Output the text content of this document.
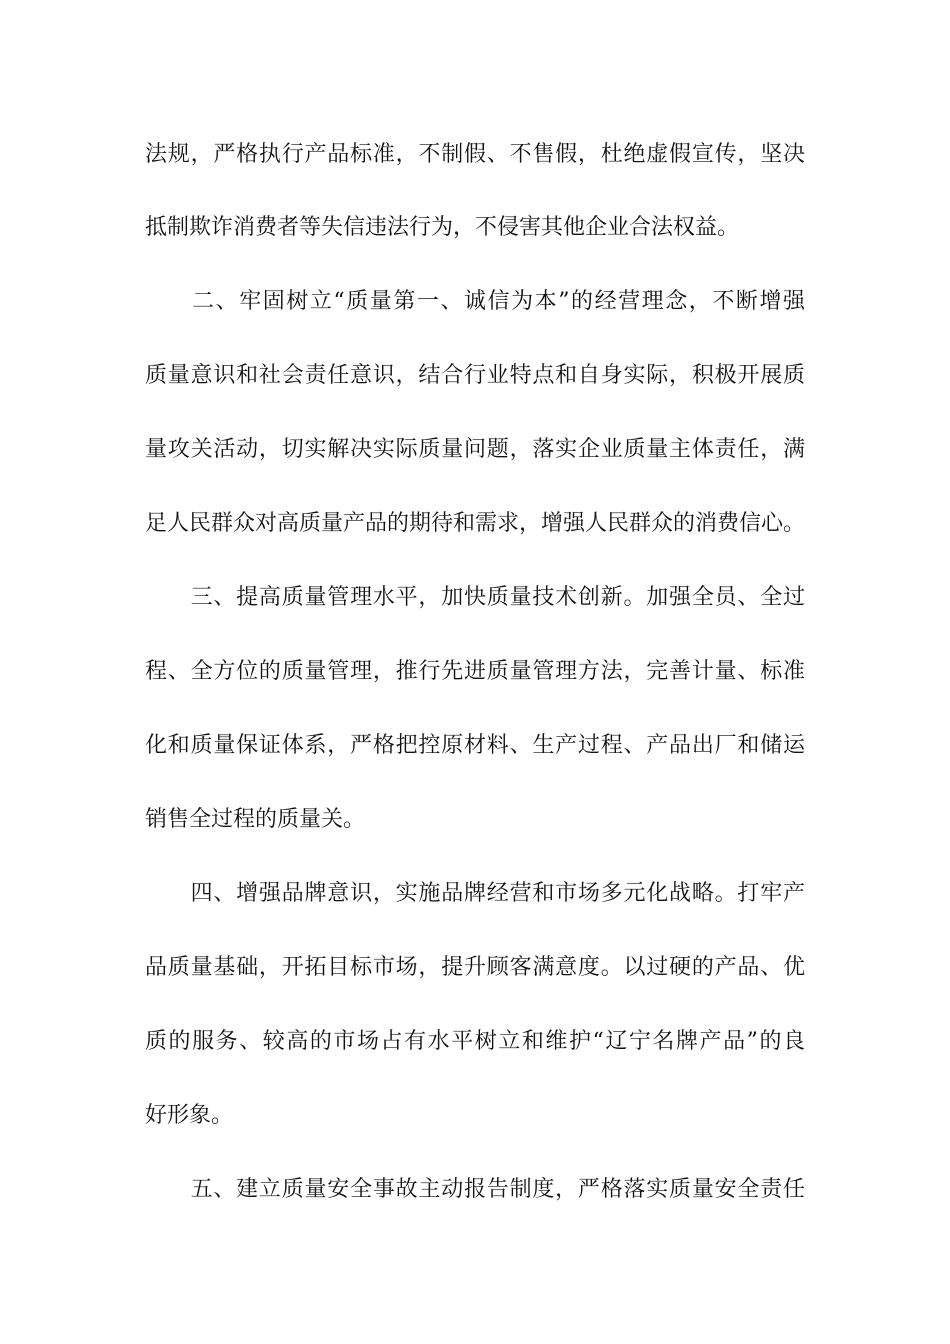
法规，严格执行产品标准，不制假、不售假，杜绝虚假宣传，坚决
抵制欺诈消费者等失信违法行为，不侵害其他企业合法权益。
　　二、牢固树立“质量第一、诚信为本”的经营理念，不断增强
质量意识和社会责任意识，结合行业特点和自身实际，积极开展质
量攻关活动，切实解决实际质量问题，落实企业质量主体责任，满
足人民群众对高质量产品的期待和需求，增强人民群众的消费信心。
　　三、提高质量管理水平，加快质量技术创新。加强全员、全过
程、全方位的质量管理，推行先进质量管理方法，完善计量、标准
化和质量保证体系，严格把控原材料、生产过程、产品出厂和储运
销售全过程的质量关。
　　四、增强品牌意识，实施品牌经营和市场多元化战略。打牢产
品质量基础，开拓目标市场，提升顾客满意度。以过硬的产品、优
质的服务、较高的市场占有水平树立和维护“辽宁名牌产品”的良
好形象。
　　五、建立质量安全事故主动报告制度，严格落实质量安全责任
